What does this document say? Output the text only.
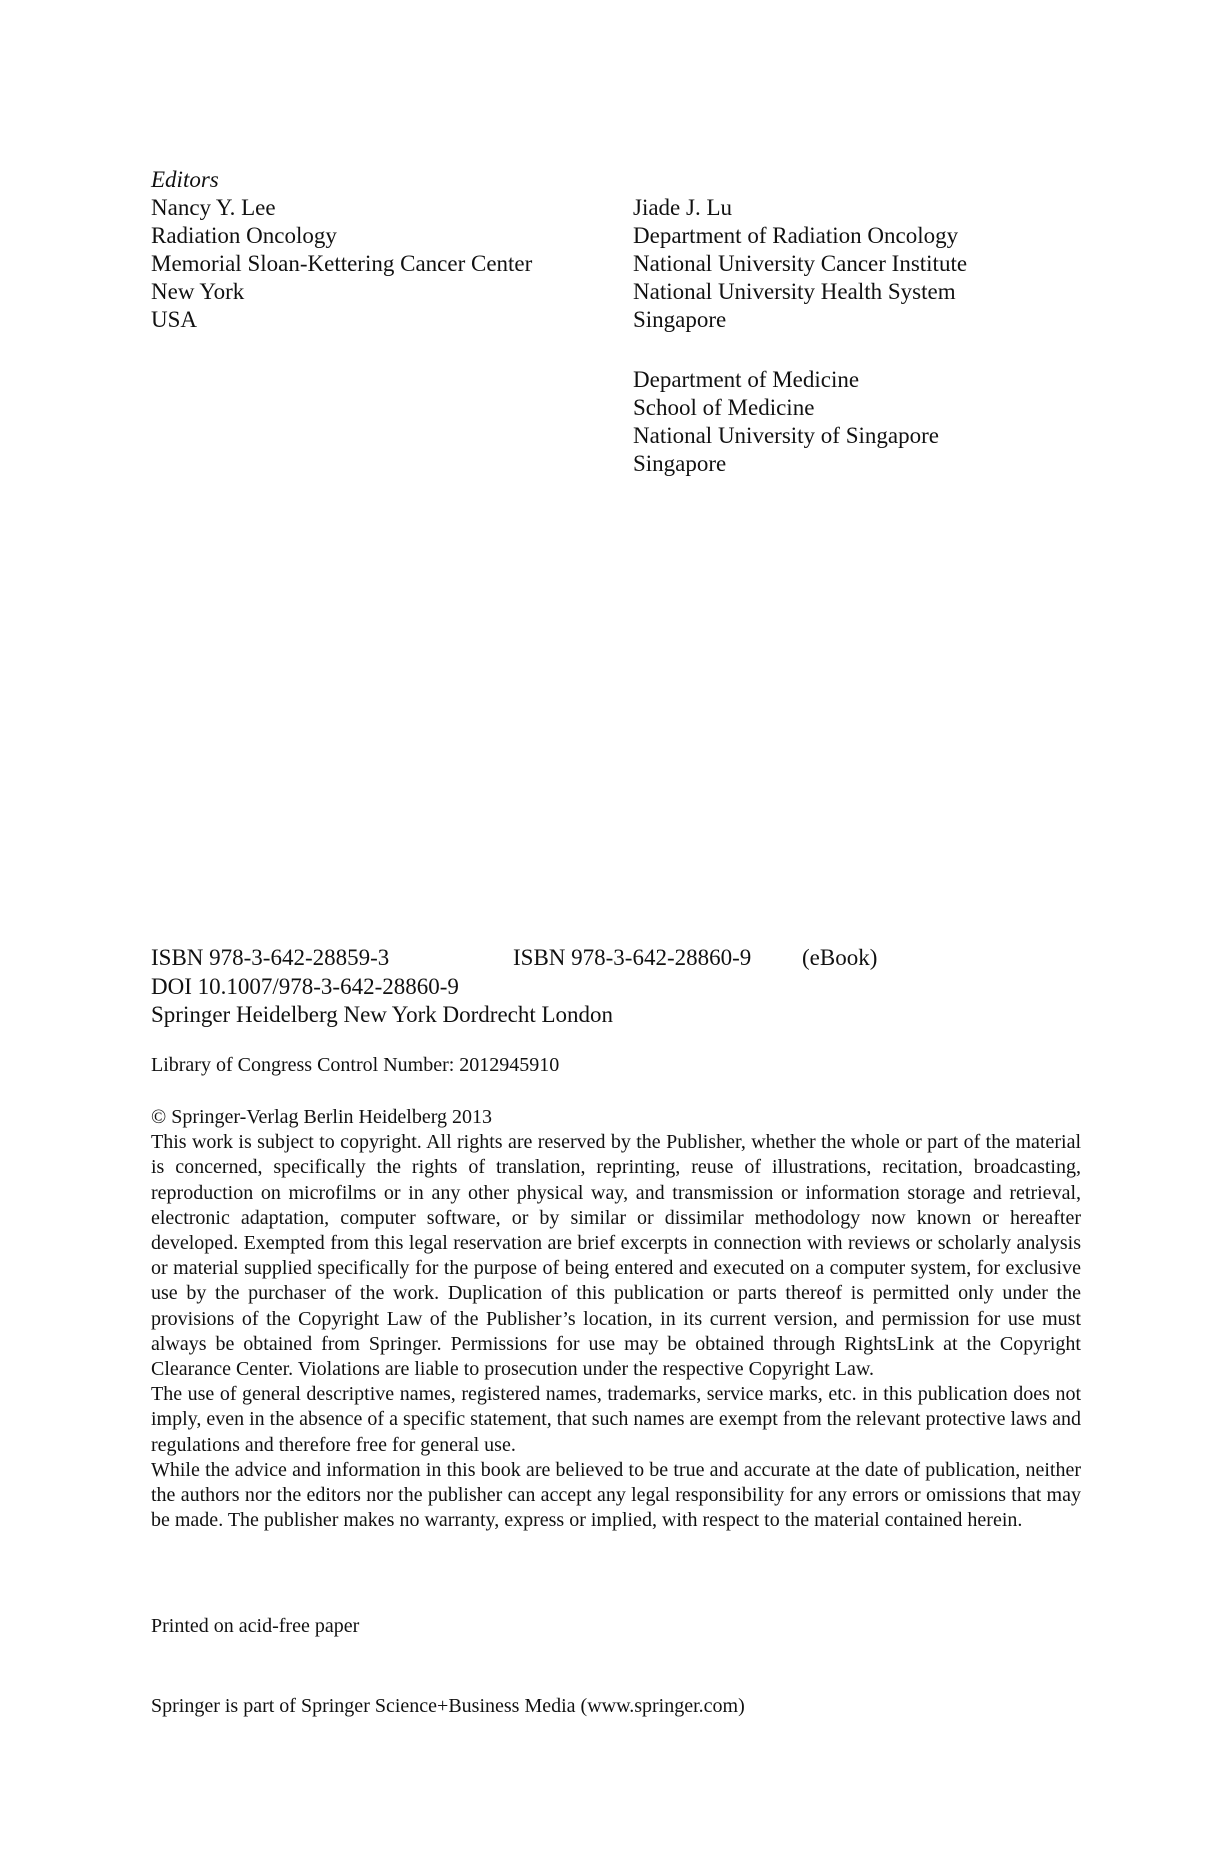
Editors
Nancy Y. Lee
Radiation Oncology
Memorial Sloan-Kettering Cancer Center
New York
USA
Jiade J. Lu
Department of Radiation Oncology
National University Cancer Institute
National University Health System
Singapore
Department of Medicine
School of Medicine
National University of Singapore
Singapore
ISBN 978-3-642-28859-3	ISBN 978-3-642-28860-9 (eBook)
DOI 10.1007/978-3-642-28860-9
Springer Heidelberg New York Dordrecht London
Library of Congress Control Number: 2012945910

© Springer-Verlag Berlin Heidelberg 2013

This work is subject to copyright. All rights are reserved by the Publisher, whether the whole or part of the material is concerned, specifically the rights of translation, reprinting, reuse of illustrations, recitation, broadcasting, reproduction on microfilms or in any other physical way, and transmission or information storage and retrieval, electronic adaptation, computer software, or by similar or dissimilar methodology now known or hereafter developed. Exempted from this legal reservation are brief excerpts in connection with reviews or scholarly analysis or material supplied specifically for the purpose of being entered and executed on a computer system, for exclusive use by the purchaser of the work. Duplication of this publication or parts thereof is permitted only under the provisions of the Copyright Law of the Publisher’s location, in its current version, and permission for use must always be obtained from Springer. Permissions for use may be obtained through RightsLink at the Copyright Clearance Center. Violations are liable to prosecution under the respective Copyright Law.

The use of general descriptive names, registered names, trademarks, service marks, etc. in this publication does not imply, even in the absence of a specific statement, that such names are exempt from the relevant protective laws and regulations and therefore free for general use.

While the advice and information in this book are believed to be true and accurate at the date of publication, neither the authors nor the editors nor the publisher can accept any legal responsibility for any errors or omissions that may be made. The publisher makes no warranty, express or implied, with respect to the material contained herein.

Printed on acid-free paper
Springer is part of Springer Science+Business Media (www.springer.com)
